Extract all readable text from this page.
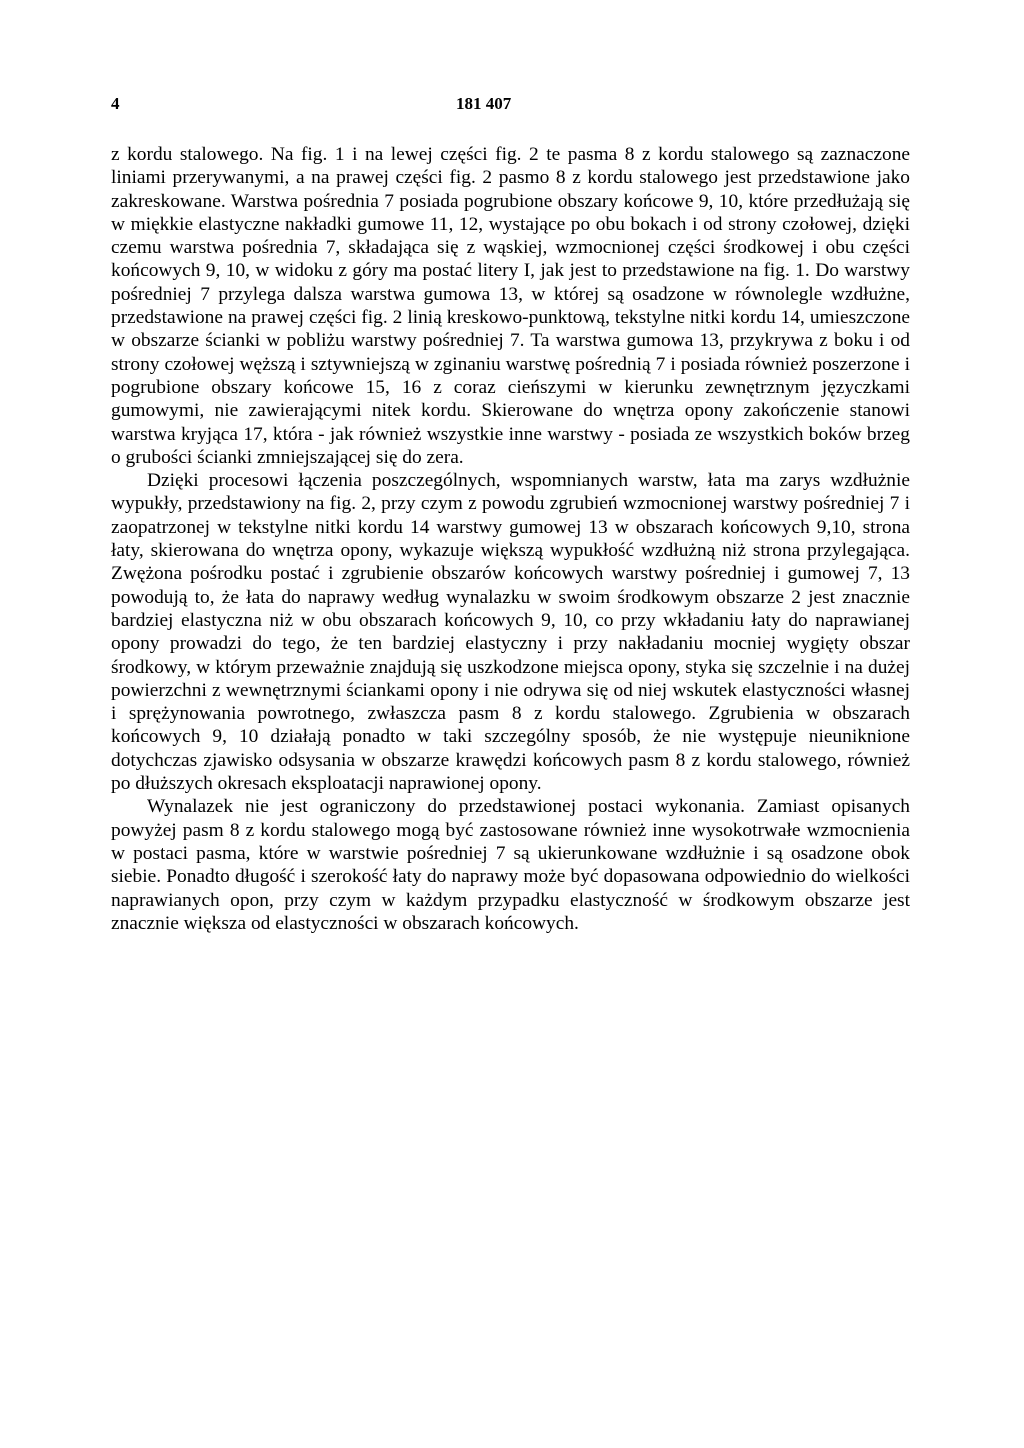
4	181 407

z kordu stalowego. Na fig. 1 i na lewej części fig. 2 te pasma 8 z kordu stalowego są zaznaczone liniami przerywanymi, a na prawej części fig. 2 pasmo 8 z kordu stalowego jest przedstawione jako zakreskowane. Warstwa pośrednia 7 posiada pogrubione obszary końcowe 9, 10, które przedłużają się w miękkie elastyczne nakładki gumowe 11, 12, wystające po obu bokach i od strony czołowej, dzięki czemu warstwa pośrednia 7, składająca się z wąskiej, wzmocnionej części środkowej i obu części końcowych 9, 10, w widoku z góry ma postać litery I, jak jest to przedstawione na fig. 1. Do warstwy pośredniej 7 przylega dalsza warstwa gumowa 13, w której są osadzone w równolegle wzdłużne, przedstawione na prawej części fig. 2 linią kreskowo-punktową, tekstylne nitki kordu 14, umieszczone w obszarze ścianki w pobliżu warstwy pośredniej 7. Ta warstwa gumowa 13, przykrywa z boku i od strony czołowej węższą i sztywniejszą w zginaniu warstwę pośrednią 7 i posiada również poszerzone i pogrubione obszary końcowe 15, 16 z coraz cieńszymi w kierunku zewnętrznym języczkami gumowymi, nie zawierającymi nitek kordu. Skierowane do wnętrza opony zakończenie stanowi warstwa kryjąca 17, która - jak również wszystkie inne warstwy - posiada ze wszystkich boków brzeg o grubości ścianki zmniejszającej się do zera.

Dzięki procesowi łączenia poszczególnych, wspomnianych warstw, łata ma zarys wzdłużnie wypukły, przedstawiony na fig. 2, przy czym z powodu zgrubień wzmocnionej warstwy pośredniej 7 i zaopatrzonej w tekstylne nitki kordu 14 warstwy gumowej 13 w obszarach końcowych 9,10, strona łaty, skierowana do wnętrza opony, wykazuje większą wypukłość wzdłużną niż strona przylegająca. Zwężona pośrodku postać i zgrubienie obszarów końcowych warstwy pośredniej i gumowej 7, 13 powodują to, że łata do naprawy według wynalazku w swoim środkowym obszarze 2 jest znacznie bardziej elastyczna niż w obu obszarach końcowych 9, 10, co przy wkładaniu łaty do naprawianej opony prowadzi do tego, że ten bardziej elastyczny i przy nakładaniu mocniej wygięty obszar środkowy, w którym przeważnie znajdują się uszkodzone miejsca opony, styka się szczelnie i na dużej powierzchni z wewnętrznymi ściankami opony i nie odrywa się od niej wskutek elastyczności własnej i sprężynowania powrotnego, zwłaszcza pasm 8 z kordu stalowego. Zgrubienia w obszarach końcowych 9, 10 działają ponadto w taki szczególny sposób, że nie występuje nieuniknione dotychczas zjawisko odsysania w obszarze krawędzi końcowych pasm 8 z kordu stalowego, również po dłuższych okresach eksploatacji naprawionej opony.

Wynalazek nie jest ograniczony do przedstawionej postaci wykonania. Zamiast opisanych powyżej pasm 8 z kordu stalowego mogą być zastosowane również inne wysokotrwałe wzmocnienia w postaci pasma, które w warstwie pośredniej 7 są ukierunkowane wzdłużnie i są osadzone obok siebie. Ponadto długość i szerokość łaty do naprawy może być dopasowana odpowiednio do wielkości naprawianych opon, przy czym w każdym przypadku elastyczność w środkowym obszarze jest znacznie większa od elastyczności w obszarach końcowych.
